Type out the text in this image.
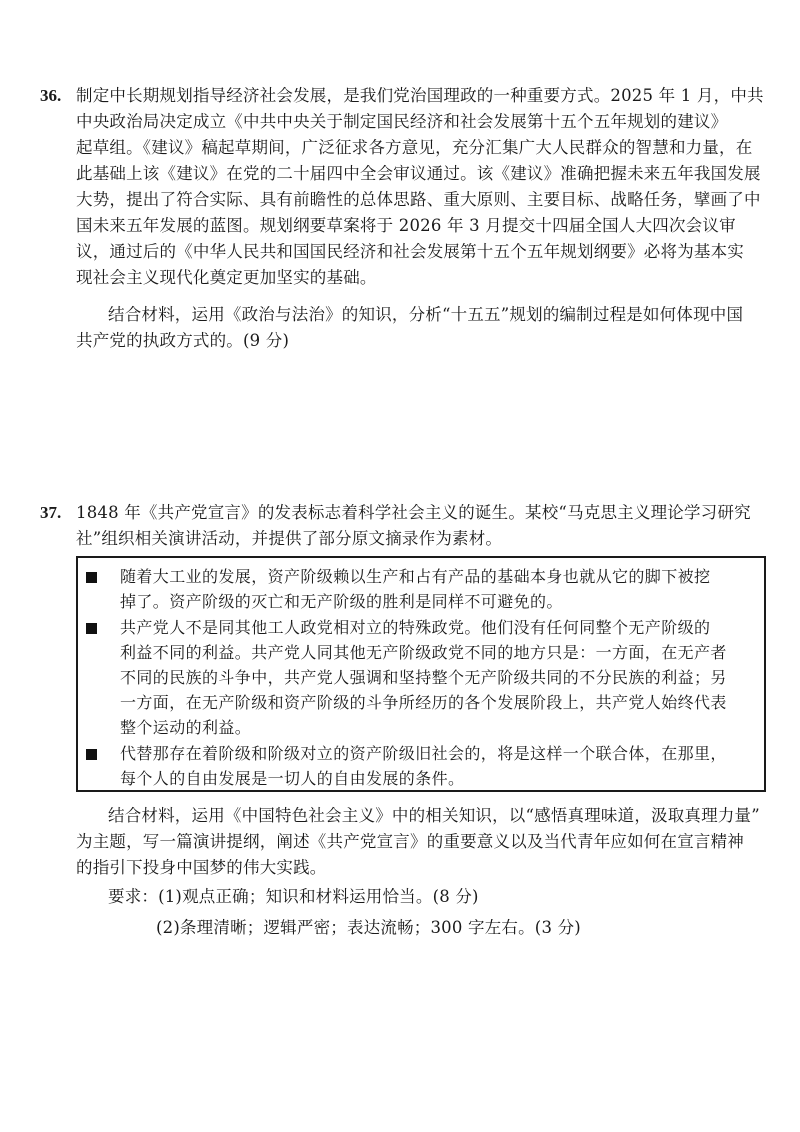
36. 制定中长期规划指导经济社会发展，是我们党治国理政的一种重要方式。2025 年 1 月，中共
中央政治局决定成立《中共中央关于制定国民经济和社会发展第十五个五年规划的建议》
起草组。《建议》稿起草期间，广泛征求各方意见，充分汇集广大人民群众的智慧和力量，在
此基础上该《建议》在党的二十届四中全会审议通过。该《建议》准确把握未来五年我国发展
大势，提出了符合实际、具有前瞻性的总体思路、重大原则、主要目标、战略任务，擘画了中
国未来五年发展的蓝图。规划纲要草案将于 2026 年 3 月提交十四届全国人大四次会议审
议，通过后的《中华人民共和国国民经济和社会发展第十五个五年规划纲要》必将为基本实
现社会主义现代化奠定更加坚实的基础。
结合材料，运用《政治与法治》的知识，分析“十五五”规划的编制过程是如何体现中国
共产党的执政方式的。(9 分)
37. 1848 年《共产党宣言》的发表标志着科学社会主义的诞生。某校“马克思主义理论学习研究
社”组织相关演讲活动，并提供了部分原文摘录作为素材。
随着大工业的发展，资产阶级赖以生产和占有产品的基础本身也就从它的脚下被挖
掉了。资产阶级的灭亡和无产阶级的胜利是同样不可避免的。
共产党人不是同其他工人政党相对立的特殊政党。他们没有任何同整个无产阶级的
利益不同的利益。共产党人同其他无产阶级政党不同的地方只是：一方面，在无产者
不同的民族的斗争中，共产党人强调和坚持整个无产阶级共同的不分民族的利益；另
一方面，在无产阶级和资产阶级的斗争所经历的各个发展阶段上，共产党人始终代表
整个运动的利益。
代替那存在着阶级和阶级对立的资产阶级旧社会的，将是这样一个联合体，在那里，
每个人的自由发展是一切人的自由发展的条件。
结合材料，运用《中国特色社会主义》中的相关知识，以“感悟真理味道，汲取真理力量”
为主题，写一篇演讲提纲，阐述《共产党宣言》的重要意义以及当代青年应如何在宣言精神
的指引下投身中国梦的伟大实践。
要求：(1)观点正确；知识和材料运用恰当。(8 分)
(2)条理清晰；逻辑严密；表达流畅；300 字左右。(3 分)
